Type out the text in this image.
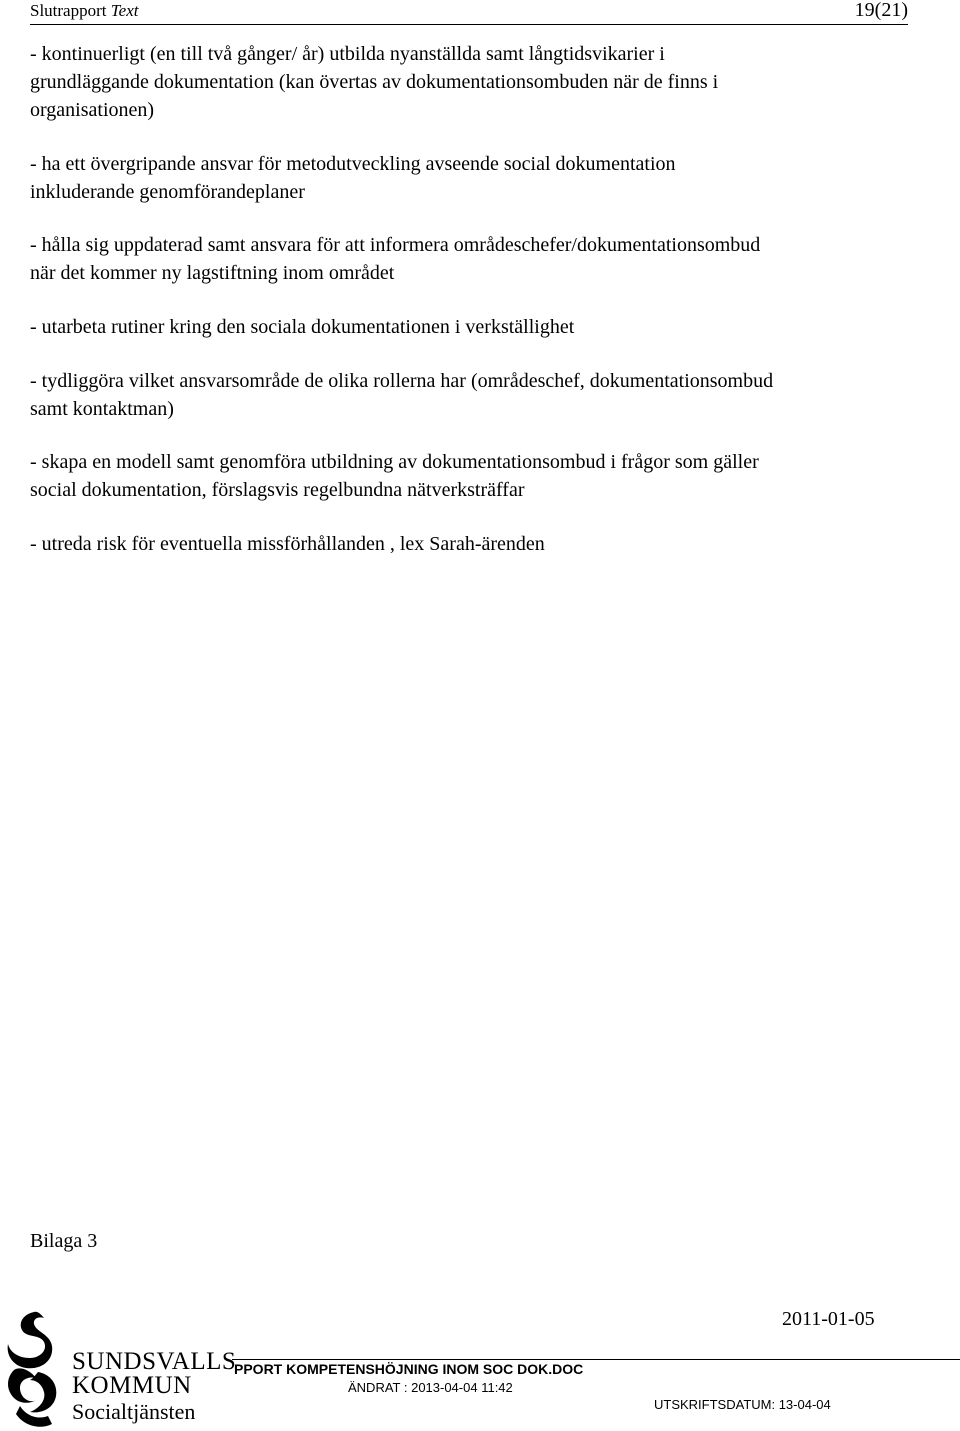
Slutrapport Text	19(21)
- kontinuerligt (en till två gånger/ år) utbilda nyanställda samt långtidsvikarier i
grundläggande dokumentation (kan övertas av dokumentationsombuden när de finns i
organisationen)
- ha ett övergripande ansvar för metodutveckling avseende social dokumentation
inkluderande genomförandeplaner
- hålla sig uppdaterad samt ansvara för att informera områdeschefer/dokumentationsombud
när det kommer ny lagstiftning inom området
- utarbeta rutiner kring den sociala dokumentationen i verkställighet
- tydliggöra vilket ansvarsområde de olika rollerna har (områdeschef, dokumentationsombud
samt kontaktman)
- skapa en modell samt genomföra utbildning av dokumentationsombud i frågor som gäller
social dokumentation, förslagsvis regelbundna nätverksträffar
- utreda risk för eventuella missförhållanden , lex Sarah-ärenden
Bilaga 3
2011-01-05
PPORT KOMPETENSHÖJNING INOM SOC DOK.DOC
ÄNDRAT : 2013-04-04 11:42
UTSKRIFTSDATUM: 13-04-04
SUNDSVALLS
KOMMUN
Socialtjänsten
